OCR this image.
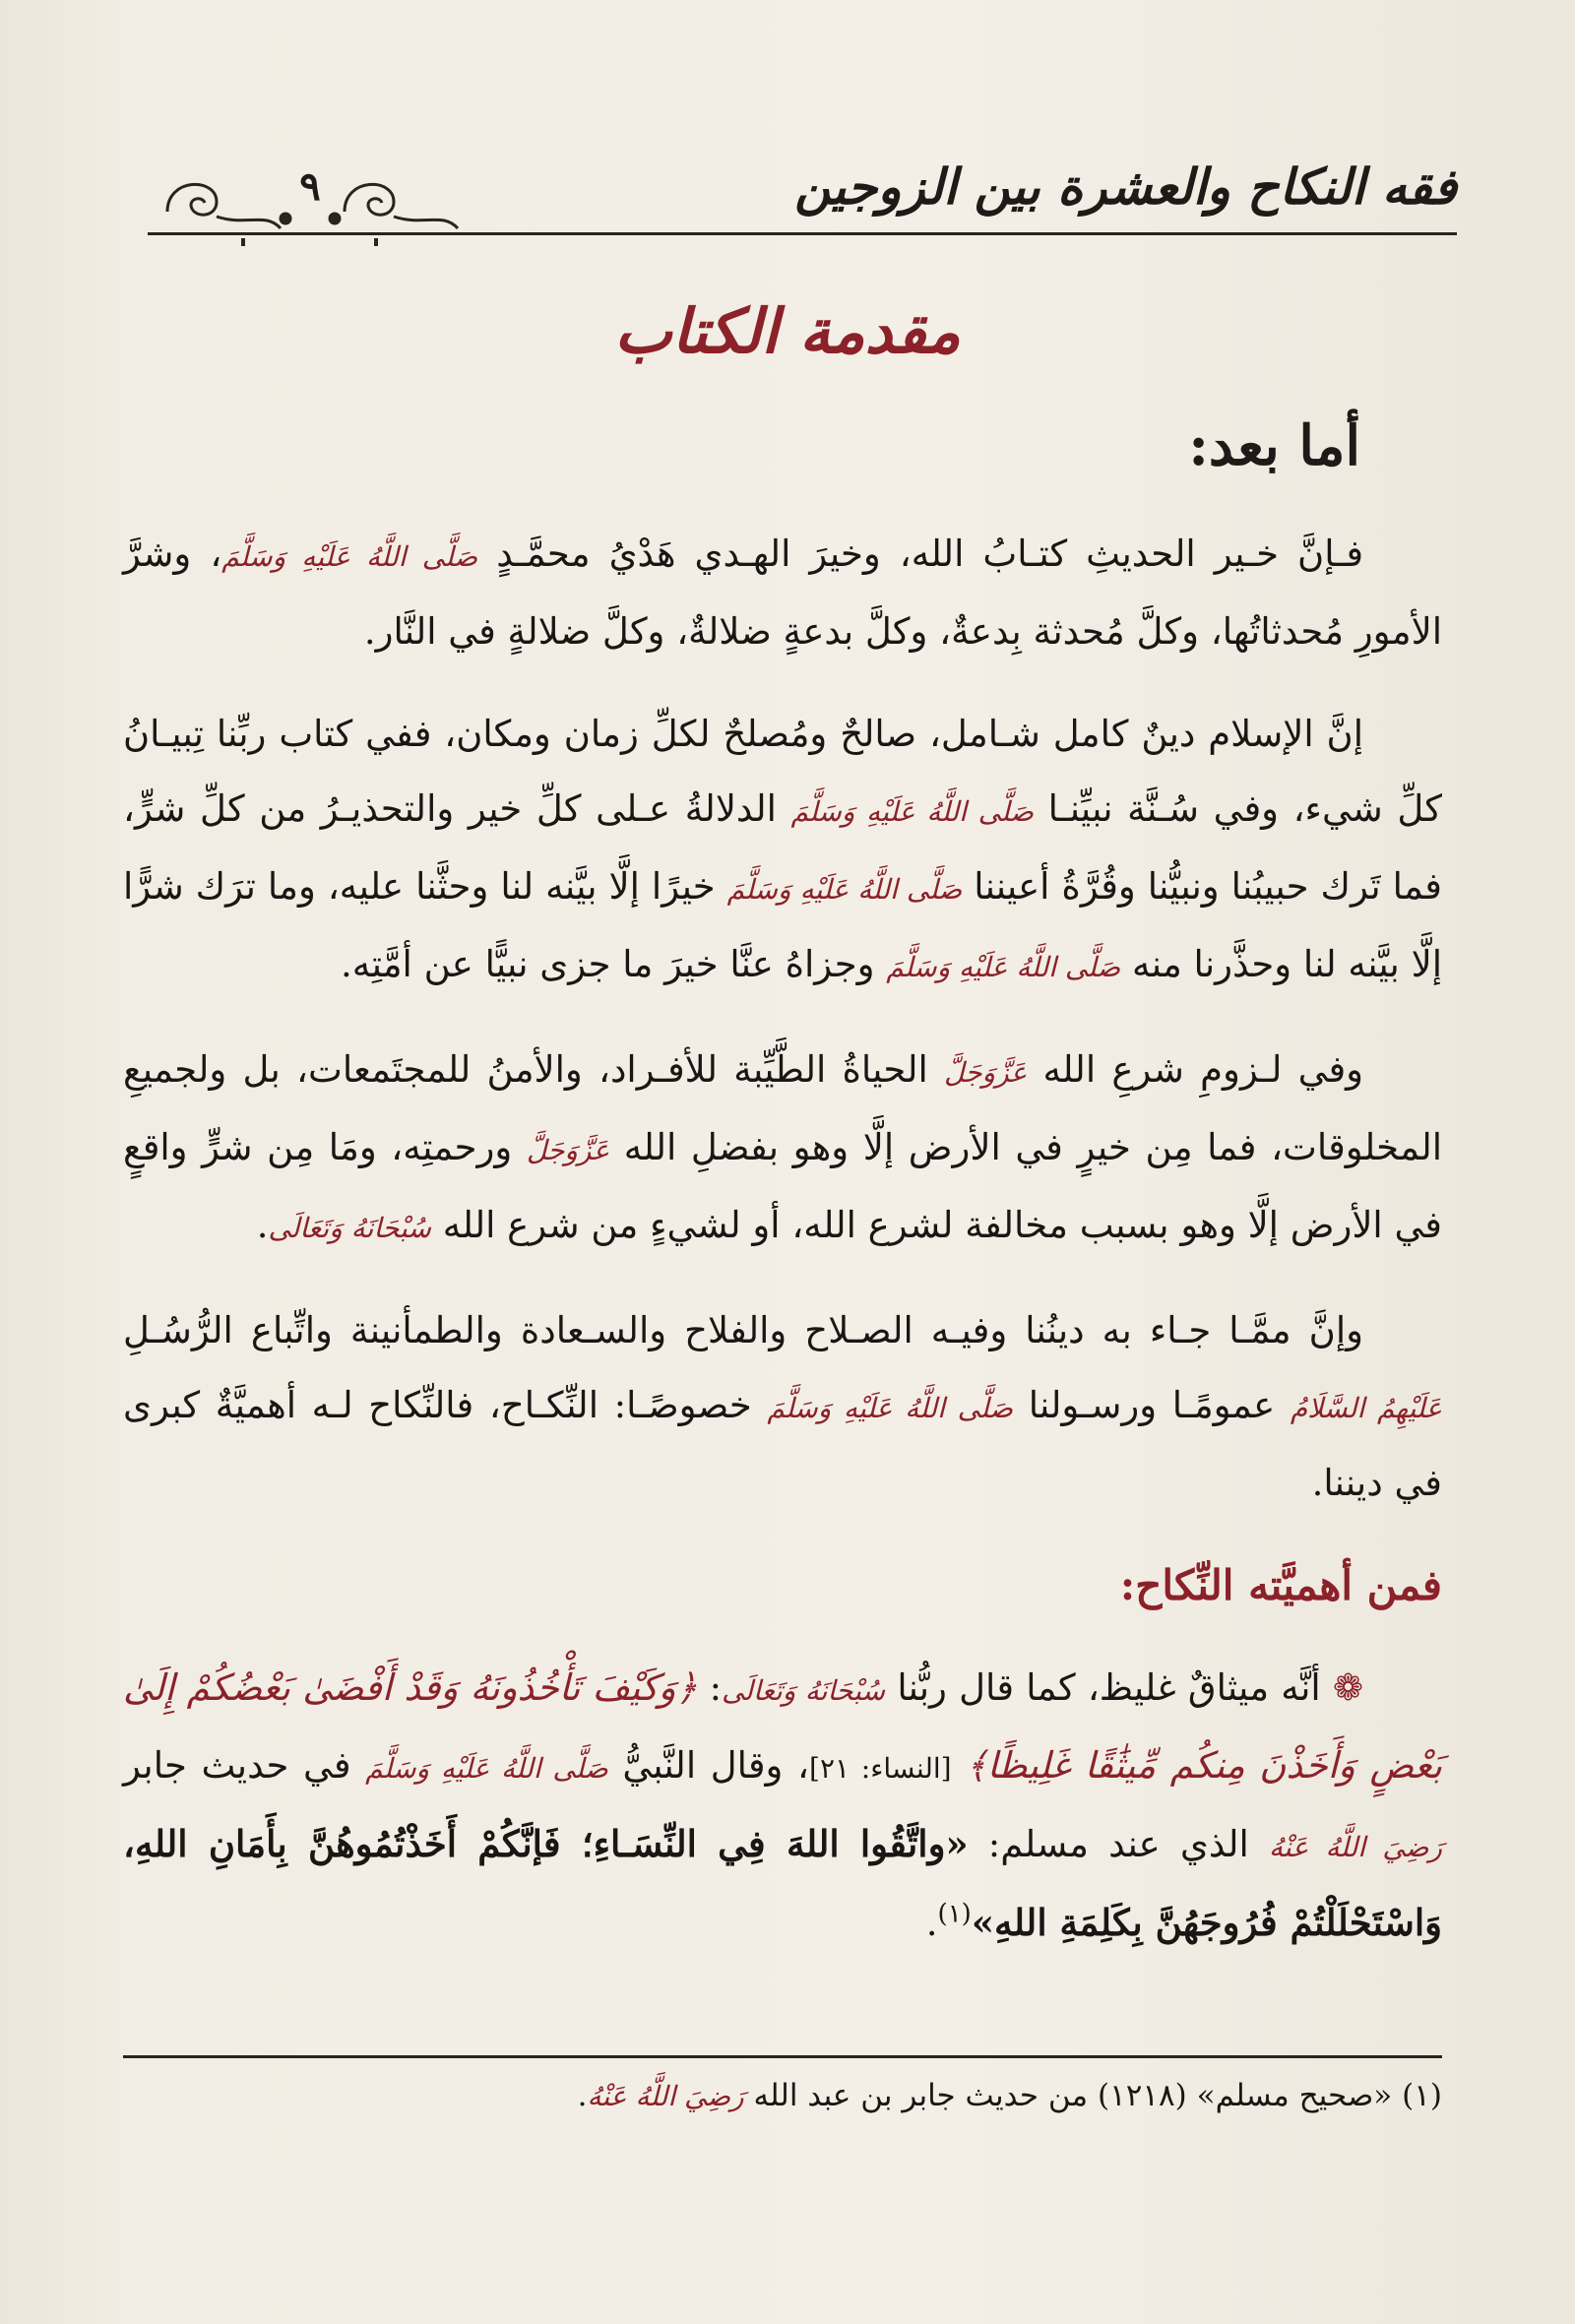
فقه النكاح والعشرة بين الزوجين
٩
مقدمة الكتاب
أما بعد:

فـإنَّ خـير الحديثِ كتـابُ الله، وخيرَ الهـدي هَدْيُ محمَّـدٍ صَلَّى اللَّهُ عَلَيْهِ وَسَلَّمَ، وشرَّ الأمورِ مُحدثاتُها، وكلَّ مُحدثة بِدعةٌ، وكلَّ بدعةٍ ضلالةٌ، وكلَّ ضلالةٍ في النَّار.

إنَّ الإسلام دينٌ كامل شـامل، صالحٌ ومُصلحٌ لكلِّ زمان ومكان، ففي كتاب ربِّنا تِبيـانُ كلِّ شيء، وفي سُـنَّة نبيِّنـا صَلَّى اللَّهُ عَلَيْهِ وَسَلَّمَ الدلالةُ عـلى كلِّ خير والتحذيـرُ من كلِّ شرٍّ، فما تَرك حبيبُنا ونبيُّنا وقُرَّةُ أعيننا صَلَّى اللَّهُ عَلَيْهِ وَسَلَّمَ خيرًا إلَّا بيَّنه لنا وحثَّنا عليه، وما ترَك شرًّا إلَّا بيَّنه لنا وحذَّرنا منه صَلَّى اللَّهُ عَلَيْهِ وَسَلَّمَ وجزاهُ عنَّا خيرَ ما جزى نبيًّا عن أمَّتِه.

وفي لـزومِ شرعِ الله عَزَّوَجَلَّ الحياةُ الطَّيِّبة للأفـراد، والأمنُ للمجتَمعات، بل ولجميعِ المخلوقات، فما مِن خيرٍ في الأرض إلَّا وهو بفضلِ الله عَزَّوَجَلَّ ورحمتِه، ومَا مِن شرٍّ واقعٍ في الأرض إلَّا وهو بسبب مخالفة لشرع الله، أو لشيءٍ من شرع الله سُبْحَانَهُ وَتَعَالَى.

وإنَّ ممَّـا جـاء به دينُنا وفيـه الصـلاح والفلاح والسـعادة والطمأنينة واتِّباع الرُّسُـلِ عَلَيْهِمُ السَّلَامُ عمومًـا ورسـولنا صَلَّى اللَّهُ عَلَيْهِ وَسَلَّمَ خصوصًـا: النِّكـاح، فالنِّكاح لـه أهميَّةٌ كبرى في ديننا.

فمن أهميَّته النِّكاح:

❁ أنَّه ميثاقٌ غليظ، كما قال ربُّنا سُبْحَانَهُ وَتَعَالَى: ﴿وَكَيْفَ تَأْخُذُونَهُ وَقَدْ أَفْضَىٰ بَعْضُكُمْ إِلَىٰ بَعْضٍ وَأَخَذْنَ مِنكُم مِّيثَٰقًا غَلِيظًا﴾ [النساء: ٢١]، وقال النَّبيُّ صَلَّى اللَّهُ عَلَيْهِ وَسَلَّمَ في حديث جابر رَضِيَ اللَّهُ عَنْهُ الذي عند مسلم: «واتَّقُوا اللهَ فِي النِّسَـاءِ؛ فَإنَّكُمْ أَخَذْتُمُوهُنَّ بِأَمَانِ اللهِ، وَاسْتَحْلَلْتُمْ فُرُوجَهُنَّ بِكَلِمَةِ اللهِ»$^{(١)}$.

(١) «صحيح مسلم» (١٢١٨) من حديث جابر بن عبد الله رَضِيَ اللَّهُ عَنْهُ.
